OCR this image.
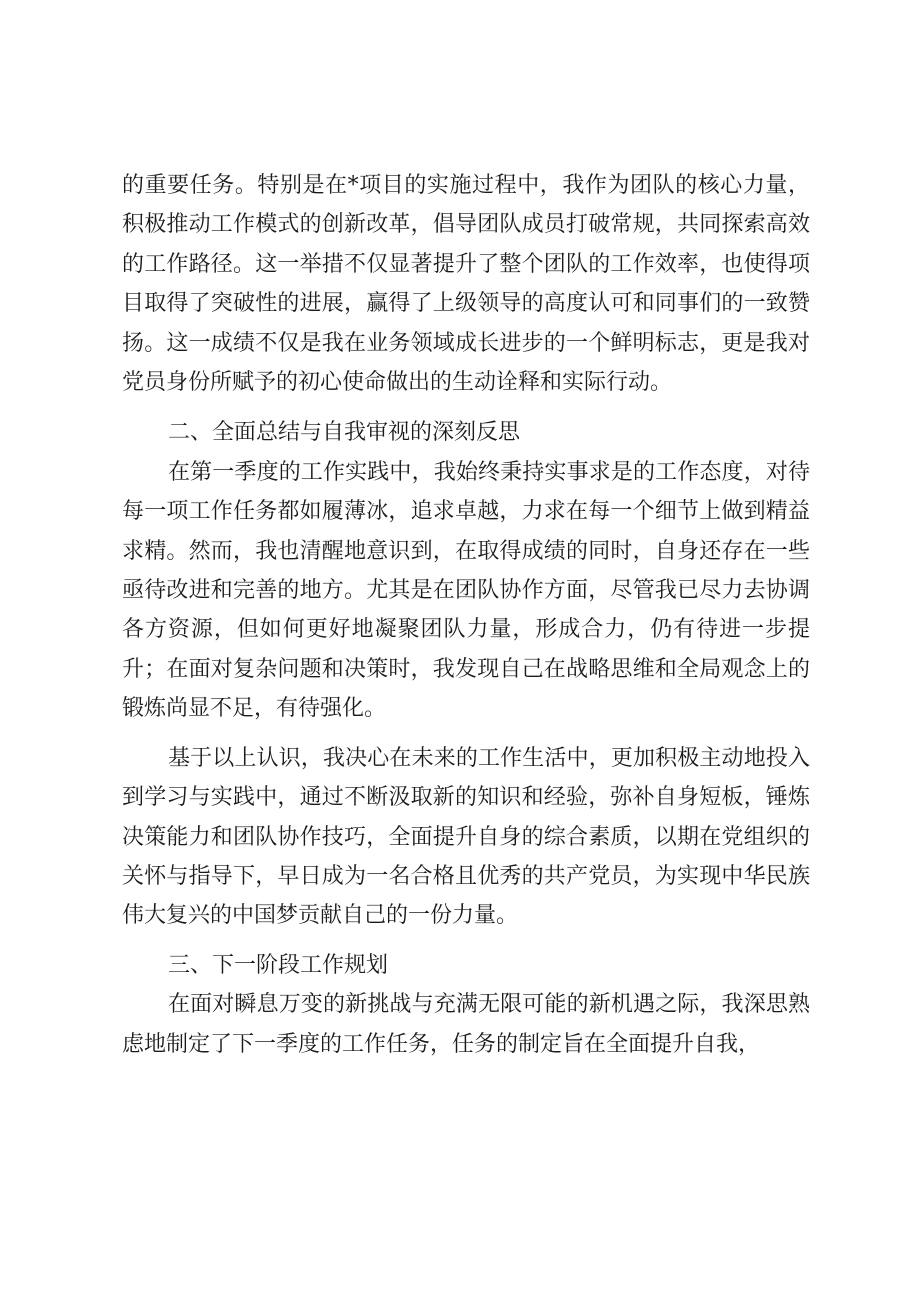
的重要任务。特别是在*项目的实施过程中，我作为团队的核心力量，积极推动工作模式的创新改革，倡导团队成员打破常规，共同探索高效的工作路径。这一举措不仅显著提升了整个团队的工作效率，也使得项目取得了突破性的进展，赢得了上级领导的高度认可和同事们的一致赞扬。这一成绩不仅是我在业务领域成长进步的一个鲜明标志，更是我对党员身份所赋予的初心使命做出的生动诠释和实际行动。

二、全面总结与自我审视的深刻反思

在第一季度的工作实践中，我始终秉持实事求是的工作态度，对待每一项工作任务都如履薄冰，追求卓越，力求在每一个细节上做到精益求精。然而，我也清醒地意识到，在取得成绩的同时，自身还存在一些亟待改进和完善的地方。尤其是在团队协作方面，尽管我已尽力去协调各方资源，但如何更好地凝聚团队力量，形成合力，仍有待进一步提升；在面对复杂问题和决策时，我发现自己在战略思维和全局观念上的锻炼尚显不足，有待强化。

基于以上认识，我决心在未来的工作生活中，更加积极主动地投入到学习与实践中，通过不断汲取新的知识和经验，弥补自身短板，锤炼决策能力和团队协作技巧，全面提升自身的综合素质，以期在党组织的关怀与指导下，早日成为一名合格且优秀的共产党员，为实现中华民族伟大复兴的中国梦贡献自己的一份力量。

三、下一阶段工作规划

在面对瞬息万变的新挑战与充满无限可能的新机遇之际，我深思熟虑地制定了下一季度的工作任务，任务的制定旨在全面提升自我，
